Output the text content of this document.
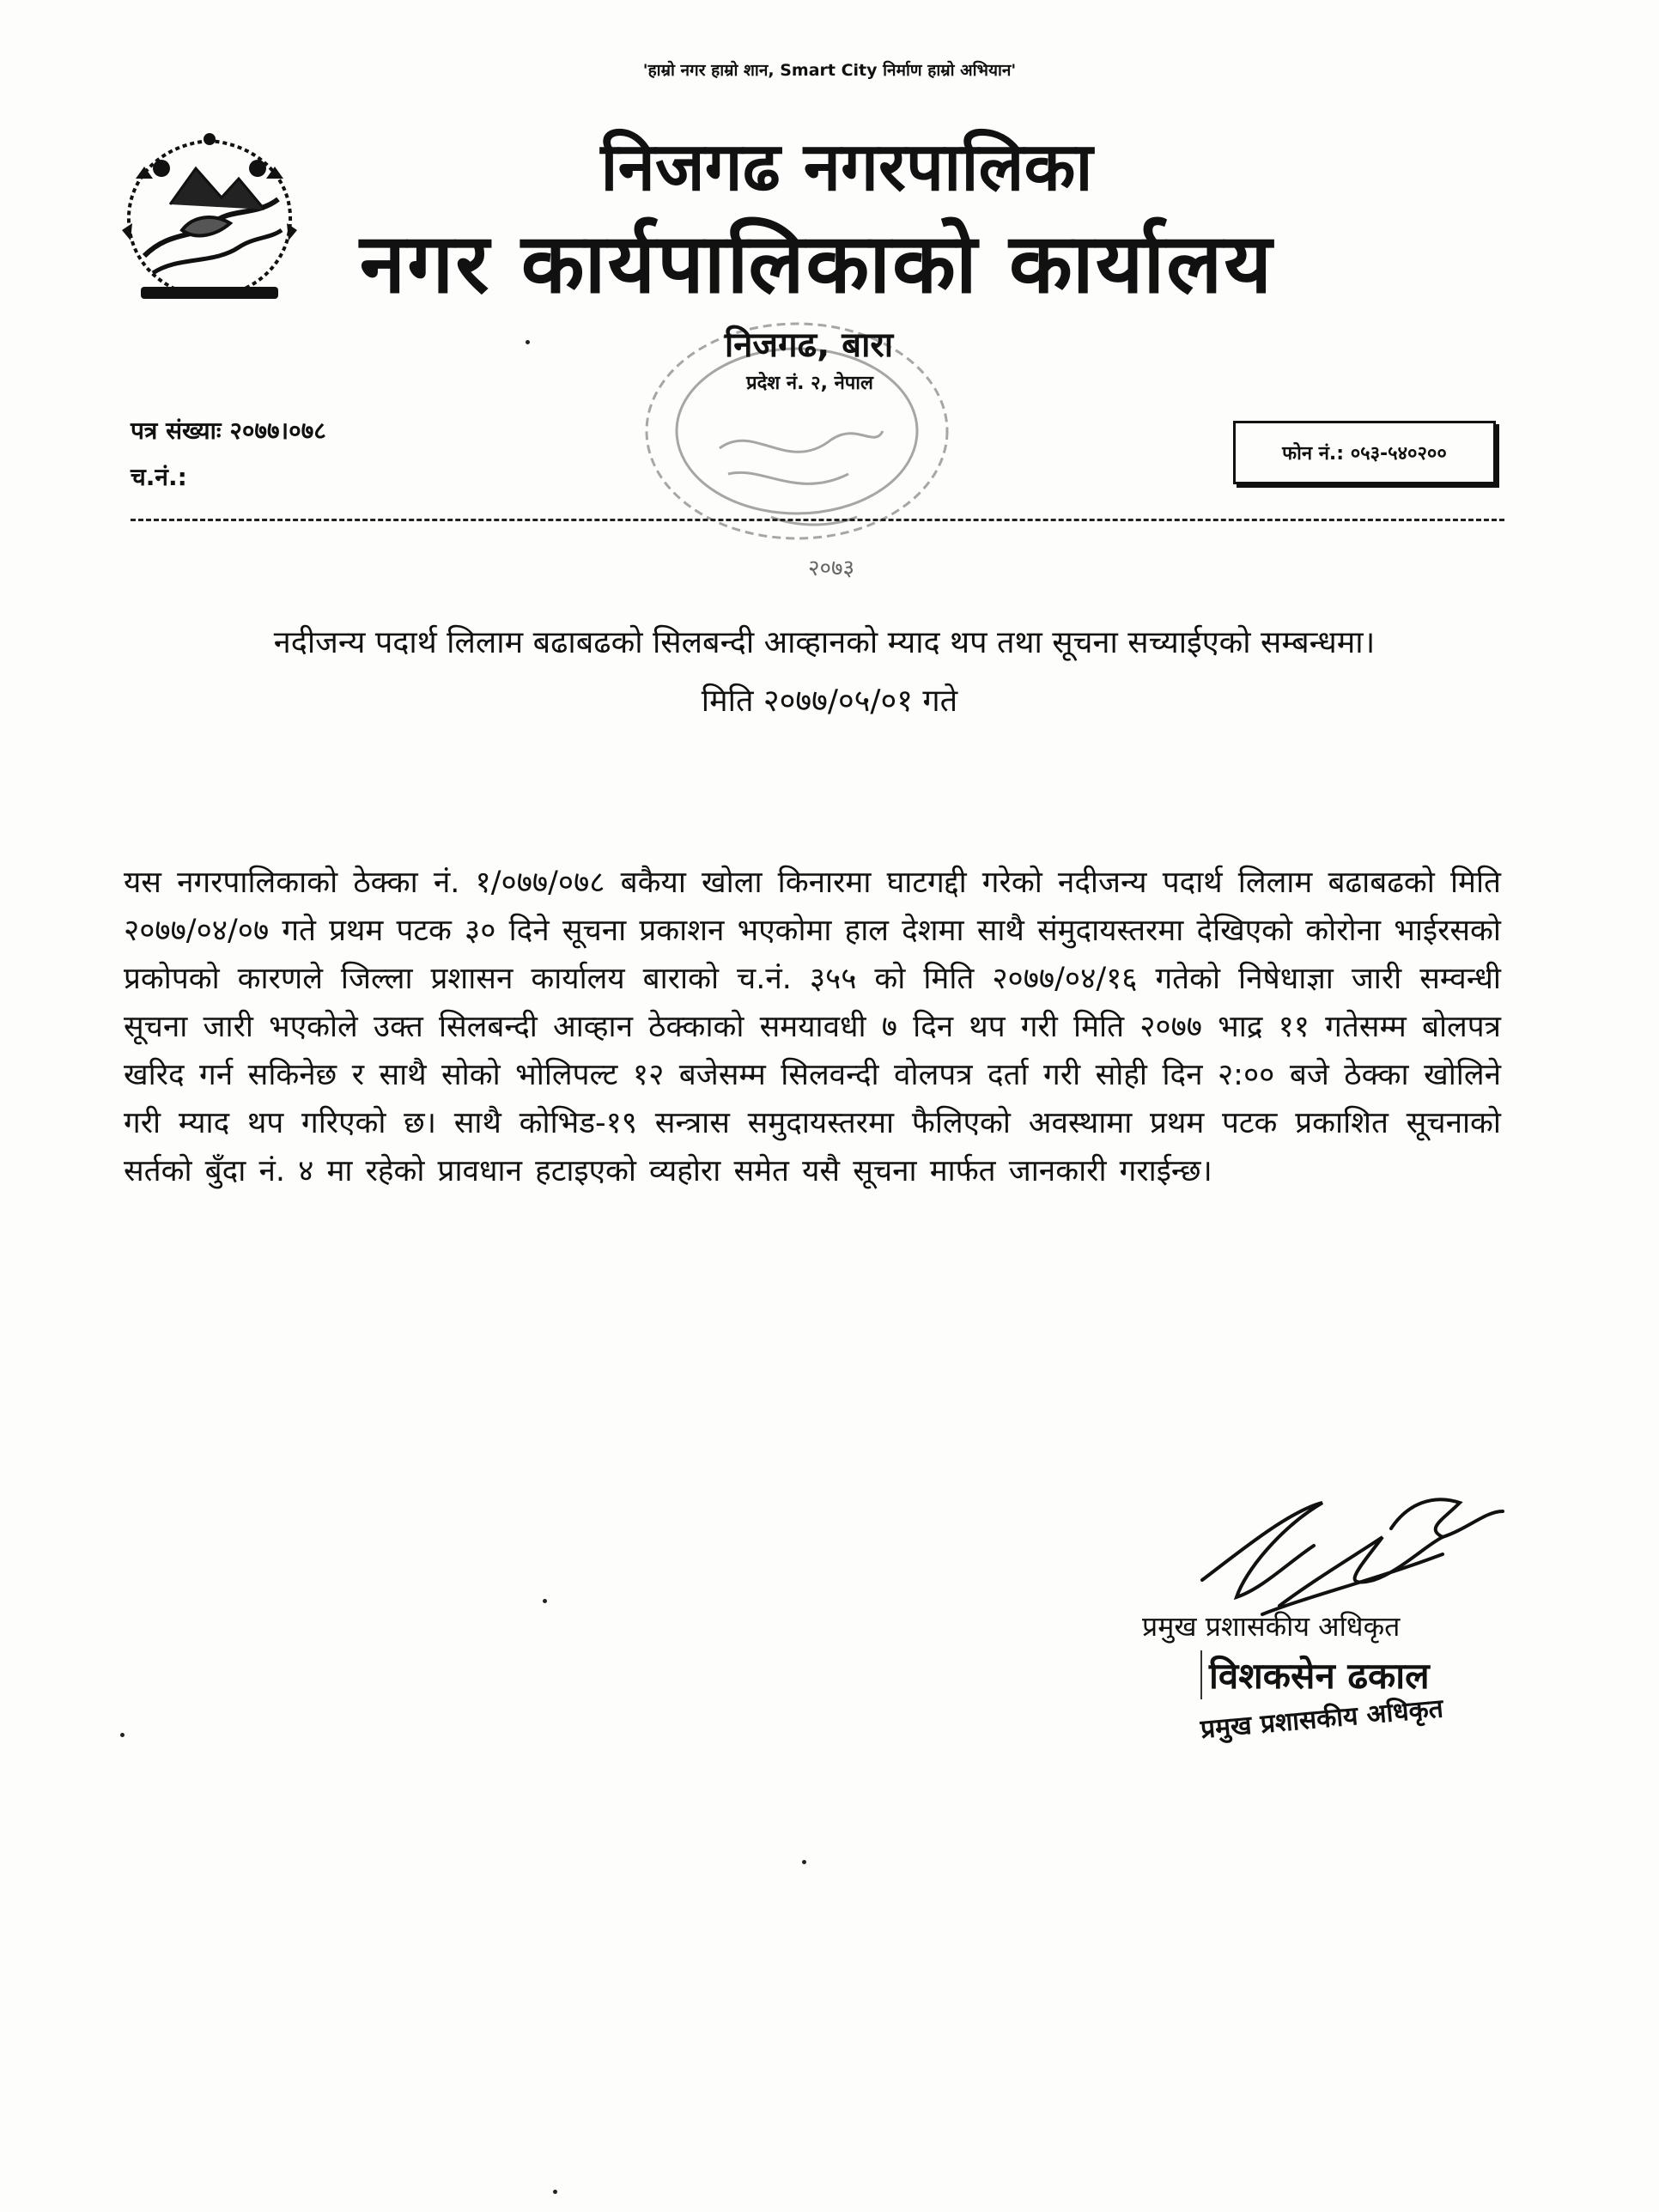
'हाम्रो नगर हाम्रो शान, Smart City निर्माण हाम्रो अभियान'
निजगढ नगरपालिका
नगर कार्यपालिकाको कार्यालय
२०७३
निजगढ, बारा
प्रदेश नं. २, नेपाल
पत्र संख्याः २०७७।०७८
च.नं.:
फोन नं.: ०५३-५४०२००
नदीजन्य पदार्थ लिलाम बढाबढको सिलबन्दी आव्हानको म्याद थप तथा सूचना सच्याईएको सम्बन्धमा।
मिति २०७७/०५/०१ गते
यस नगरपालिकाको ठेक्का नं. १/०७७/०७८ बकैया खोला किनारमा घाटगद्दी गरेको नदीजन्य पदार्थ लिलाम बढाबढको मिति २०७७/०४/०७ गते प्रथम पटक ३० दिने सूचना प्रकाशन भएकोमा हाल देशमा साथै संमुदायस्तरमा देखिएको कोरोना भाईरसको प्रकोपको कारणले जिल्ला प्रशासन कार्यालय बाराको च.नं. ३५५ को मिति २०७७/०४/१६ गतेको निषेधाज्ञा जारी सम्वन्धी सूचना जारी भएकोले उक्त सिलबन्दी आव्हान ठेक्काको समयावधी ७ दिन थप गरी मिति २०७७ भाद्र ११ गतेसम्म बोलपत्र खरिद गर्न सकिनेछ र साथै सोको भोलिपल्ट १२ बजेसम्म सिलवन्दी वोलपत्र दर्ता गरी सोही दिन २:०० बजे ठेक्का खोलिने गरी म्याद थप गरिएको छ। साथै कोभिड-१९ सन्त्रास समुदायस्तरमा फैलिएको अवस्थामा प्रथम पटक प्रकाशित सूचनाको सर्तको बुँदा नं. ४ मा रहेको प्रावधान हटाइएको व्यहोरा समेत यसै सूचना मार्फत जानकारी गराईन्छ।
प्रमुख प्रशासकीय अधिकृत
विशकसेन ढकाल
प्रमुख प्रशासकीय अधिकृत
